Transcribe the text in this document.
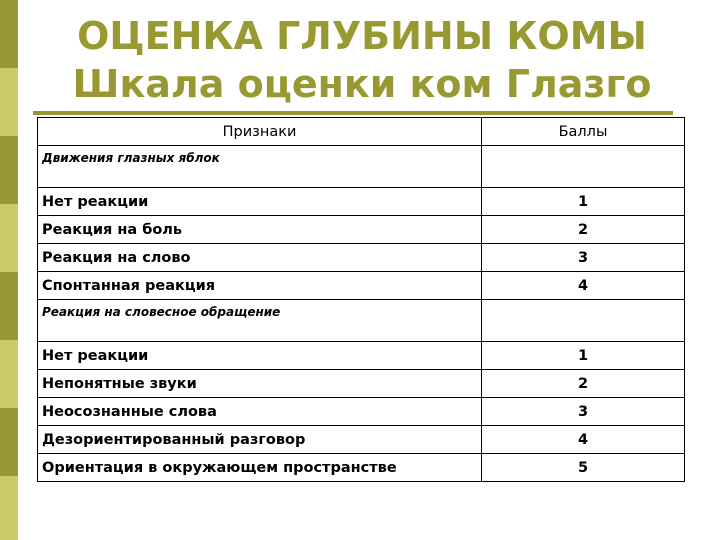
ОЦЕНКА ГЛУБИНЫ КОМЫ
Шкала оценки ком Глазго
Признаки	Баллы
Движения глазных яблок	
Нет реакции	1
Реакция на боль	2
Реакция на слово	3
Спонтанная реакция	4
Реакция на словесное обращение	
Нет реакции	1
Непонятные звуки	2
Неосознанные слова	3
Дезориентированный разговор	4
Ориентация в окружающем пространстве	5
